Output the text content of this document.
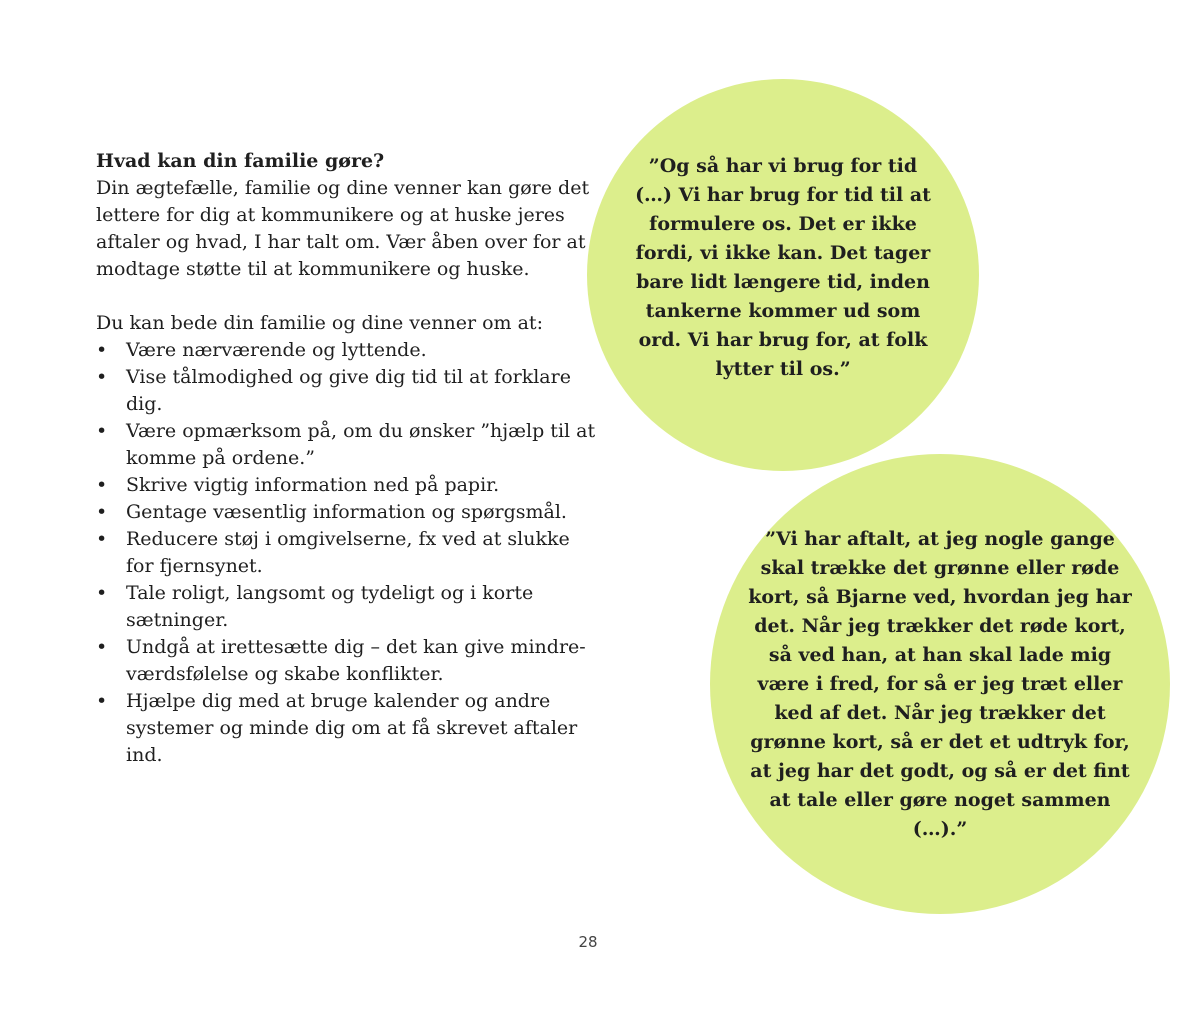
Hvad kan din familie gøre?

Din ægtefælle, familie og dine venner kan gøre det lettere for dig at kommunikere og at huske jeres aftaler og hvad, I har talt om. Vær åben over for at modtage støtte til at kommunikere og huske.

Du kan bede din familie og dine venner om at:

• Være nærværende og lyttende.
• Vise tålmodighed og give dig tid til at forklare dig.
• Være opmærksom på, om du ønsker ”hjælp til at komme på ordene.”
• Skrive vigtig information ned på papir.
• Gentage væsentlig information og spørgsmål.
• Reducere støj i omgivelserne, fx ved at slukke for fjernsynet.
• Tale roligt, langsomt og tydeligt og i korte sætninger.
• Undgå at irettesætte dig – det kan give mindre-værdsfølelse og skabe konflikter.
• Hjælpe dig med at bruge kalender og andre systemer og minde dig om at få skrevet aftaler ind.

”Og så har vi brug for tid (…) Vi har brug for tid til at formulere os. Det er ikke fordi, vi ikke kan. Det tager bare lidt længere tid, inden tankerne kommer ud som ord. Vi har brug for, at folk lytter til os.”

”Vi har aftalt, at jeg nogle gange skal trække det grønne eller røde kort, så Bjarne ved, hvordan jeg har det. Når jeg trækker det røde kort, så ved han, at han skal lade mig være i fred, for så er jeg træt eller ked af det. Når jeg trækker det grønne kort, så er det et udtryk for, at jeg har det godt, og så er det fint at tale eller gøre noget sammen (…).”

28
